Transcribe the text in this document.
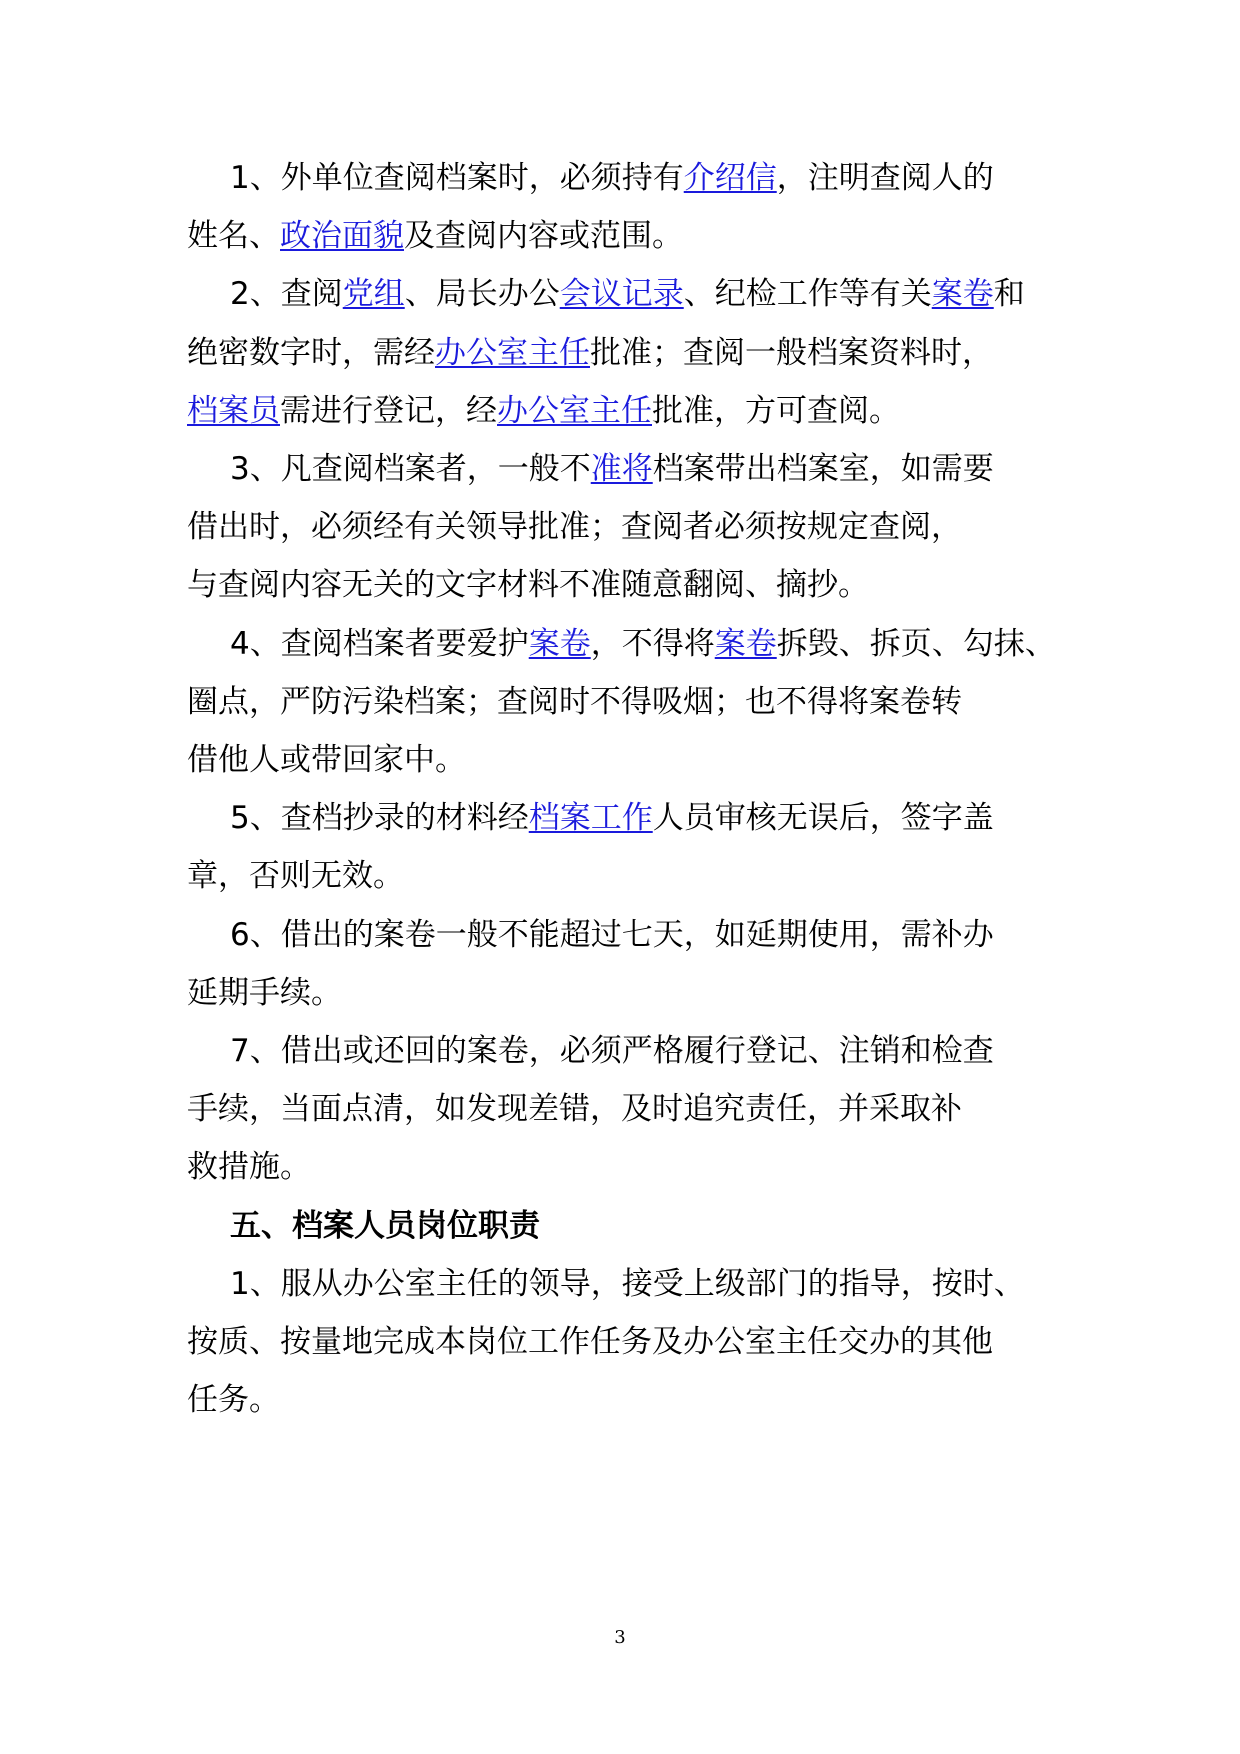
1、外单位查阅档案时，必须持有介绍信，注明查阅人的
姓名、政治面貌及查阅内容或范围。
2、查阅党组、局长办公会议记录、纪检工作等有关案卷和
绝密数字时，需经办公室主任批准；查阅一般档案资料时，
档案员需进行登记，经办公室主任批准，方可查阅。
3、凡查阅档案者，一般不准将档案带出档案室，如需要
借出时，必须经有关领导批准；查阅者必须按规定查阅，
与查阅内容无关的文字材料不准随意翻阅、摘抄。
4、查阅档案者要爱护案卷，不得将案卷拆毁、拆页、勾抹、
圈点，严防污染档案；查阅时不得吸烟；也不得将案卷转
借他人或带回家中。
5、查档抄录的材料经档案工作人员审核无误后，签字盖
章，否则无效。
6、借出的案卷一般不能超过七天，如延期使用，需补办
延期手续。
7、借出或还回的案卷，必须严格履行登记、注销和检查
手续，当面点清，如发现差错，及时追究责任，并采取补
救措施。
五、档案人员岗位职责
1、服从办公室主任的领导，接受上级部门的指导，按时、
按质、按量地完成本岗位工作任务及办公室主任交办的其他
任务。
3
